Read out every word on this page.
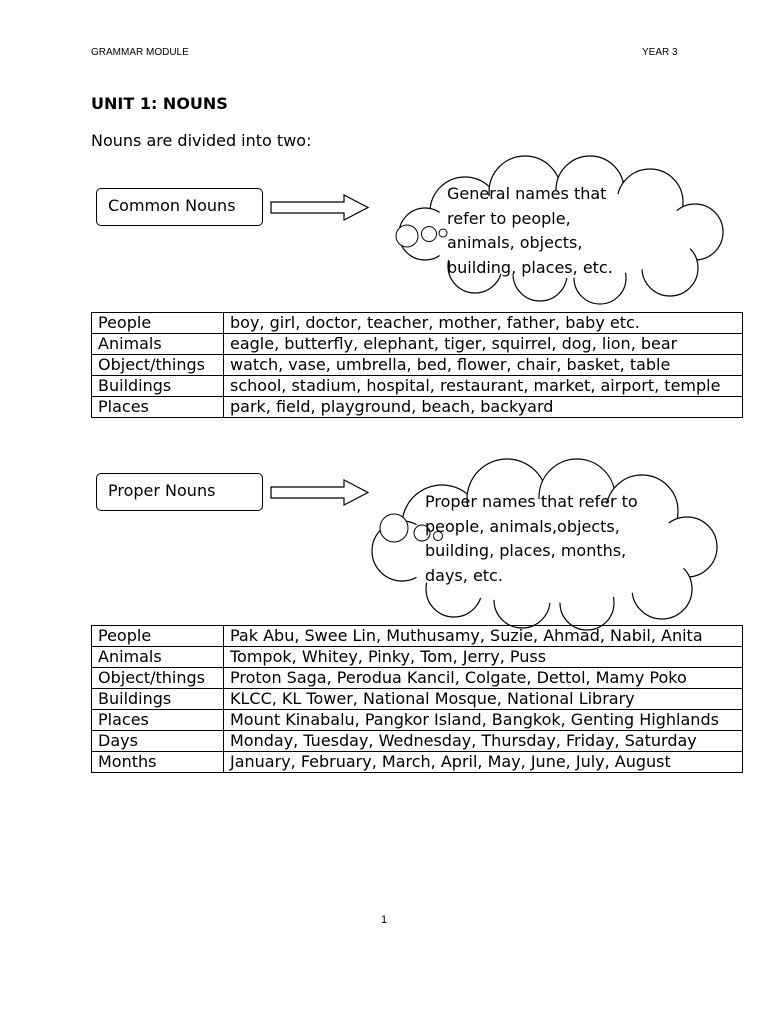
GRAMMAR MODULE	YEAR 3
UNIT 1: NOUNS
Nouns are divided into two:
Common Nouns
General names that refer to people, animals, objects, building, places, etc.
People	boy, girl, doctor, teacher, mother, father, baby etc.
Animals	eagle, butterfly, elephant, tiger, squirrel, dog, lion, bear
Object/things	watch, vase, umbrella, bed, flower, chair, basket, table
Buildings	school, stadium, hospital, restaurant, market, airport, temple
Places	park, field, playground, beach, backyard
Proper Nouns
Proper names that refer to people, animals,objects, building, places, months, days, etc.
People	Pak Abu, Swee Lin, Muthusamy, Suzie, Ahmad, Nabil, Anita
Animals	Tompok, Whitey, Pinky, Tom, Jerry, Puss
Object/things	Proton Saga, Perodua Kancil, Colgate, Dettol, Mamy Poko
Buildings	KLCC, KL Tower, National Mosque, National Library
Places	Mount Kinabalu, Pangkor Island, Bangkok, Genting Highlands
Days	Monday, Tuesday, Wednesday, Thursday, Friday, Saturday
Months	January, February, March, April, May, June, July, August
1
